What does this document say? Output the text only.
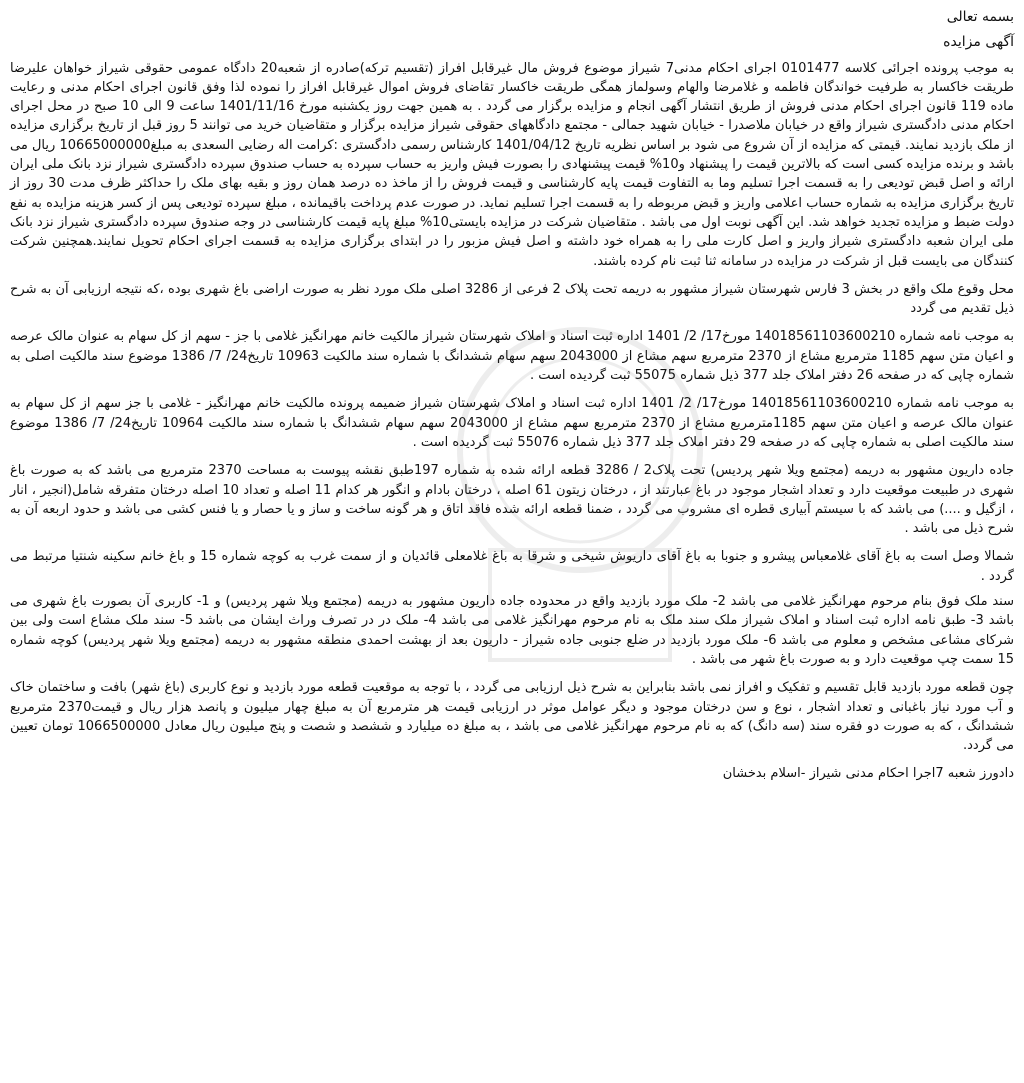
بسمه تعالی
آگهی مزایده

به موجب پرونده اجرائی کلاسه 0101477 اجرای احکام مدنی7 شیراز موضوع فروش مال غیرقابل افراز (تقسیم ترکه)صادره از شعبه20 دادگاه عمومی حقوقی شیراز خواهان علیرضا طریقت خاکسار به طرفیت خواندگان فاطمه و غلامرضا والهام وسولماز همگی طریقت خاکسار تقاضای فروش اموال غیرقابل افراز را نموده لذا وفق قانون اجرای احکام مدنی و رعایت ماده 119 قانون اجرای احکام مدنی فروش از طریق انتشار آگهی انجام و مزایده برگزار می گردد . به همین جهت روز یکشنبه مورخ 1401/11/16 ساعت 9 الی 10 صبح در محل اجرای احکام مدنی دادگستری شیراز واقع در خیابان ملاصدرا - خیابان شهید جمالی - مجتمع دادگاههای حقوقی شیراز مزایده برگزار و متقاضیان خرید می توانند 5 روز قبل از تاریخ برگزاری مزایده از ملک بازدید نمایند. قیمتی که مزایده از آن شروع می شود بر اساس نظریه تاریخ 1401/04/12 کارشناس رسمی دادگستری :کرامت اله رضایی السعدی به مبلغ10665000000 ریال می باشد و برنده مزایده کسی است که بالاترین قیمت را پیشنهاد و10% قیمت پیشنهادی را بصورت فیش واریز به حساب سپرده به حساب صندوق سپرده دادگستری شیراز نزد بانک ملی ایران ارائه و اصل قبض تودیعی را به قسمت اجرا تسلیم وما به التفاوت قیمت پایه کارشناسی و قیمت فروش را از ماخذ ده درصد همان روز و بقیه بهای ملک را حداکثر ظرف مدت 30 روز از تاریخ برگزاری مزایده به شماره حساب اعلامی واریز و قبض مربوطه را به قسمت اجرا تسلیم نماید. در صورت عدم پرداخت باقیمانده ، مبلغ سپرده تودیعی پس از کسر هزینه مزایده به نفع دولت ضبط و مزایده تجدید خواهد شد. این آگهی نوبت اول می باشد . متقاضیان شرکت در مزایده بایستی10% مبلغ پایه قیمت کارشناسی در وجه صندوق سپرده دادگستری شیراز نزد بانک ملی ایران شعبه دادگستری شیراز واریز و اصل کارت ملی را به همراه خود داشته و اصل فیش مزبور را در ابتدای برگزاری مزایده به قسمت اجرای احکام تحویل نمایند.همچنین شرکت کنندگان می بایست قبل از شرکت در مزایده در سامانه ثنا ثبت نام کرده باشند.

محل وقوع ملک واقع در بخش 3 فارس شهرستان شیراز مشهور به دریمه تحت پلاک 2 فرعی از 3286 اصلی ملک مورد نظر به صورت اراضی باغ شهری بوده ،که نتیجه ارزیابی آن به شرح ذیل تقدیم می گردد

به موجب نامه شماره 14018561103600210 مورخ17/ 2/ 1401 اداره ثبت اسناد و املاک شهرستان شیراز مالکیت خانم مهرانگیز غلامی با جز - سهم از کل سهام به عنوان مالک عرصه و اعیان متن سهم 1185 مترمربع مشاع از 2370 مترمربع سهم مشاع از 2043000 سهم سهام ششدانگ با شماره سند مالکیت 10963 تاریخ24/ 7/ 1386 موضوع سند مالکیت اصلی به شماره چاپی که در صفحه 26 دفتر املاک جلد 377 ذیل شماره 55075 ثبت گردیده است .

به موجب نامه شماره 14018561103600210 مورخ17/ 2/ 1401 اداره ثبت اسناد و املاک شهرستان شیراز ضمیمه پرونده مالکیت خانم مهرانگیز - غلامی با جز سهم از کل سهام به عنوان مالک عرصه و اعیان متن سهم 1185مترمربع مشاع از 2370 مترمربع سهم مشاع از 2043000 سهم سهام ششدانگ با شماره سند مالکیت 10964 تاریخ24/ 7/ 1386 موضوع سند مالکیت اصلی به شماره چاپی که در صفحه 29 دفتر املاک جلد 377 ذیل شماره 55076 ثبت گردیده است .

جاده داریون مشهور به دریمه (مجتمع ویلا شهر پردیس) تحت پلاک2 / 3286 قطعه ارائه شده به شماره 197طبق نقشه پیوست به مساحت 2370 مترمربع می باشد که به صورت باغ شهری در طبیعت موقعیت دارد و تعداد اشجار موجود در باغ عبارتند از ، درختان زیتون 61 اصله ، درختان بادام و انگور هر کدام 11 اصله و تعداد 10 اصله درختان متفرقه شامل(انجیر ، انار ، ازگیل و ....) می باشد که با سیستم آبیاری قطره ای مشروب می گردد ، ضمنا قطعه ارائه شده فاقد اتاق و هر گونه ساخت و ساز و یا حصار و یا فنس کشی می باشد و حدود اربعه آن به شرح ذیل می باشد .

شمالا وصل است به باغ آقای غلامعباس پیشرو و جنوبا به باغ آقای داریوش شیخی و شرقا به باغ غلامعلی قائدیان و از سمت غرب به کوچه شماره 15 و باغ خانم سکینه شنتیا مرتبط می گردد .

سند ملک فوق بنام مرحوم مهرانگیز غلامی می باشد 2- ملک مورد بازدید واقع در محدوده جاده داریون مشهور به دریمه (مجتمع ویلا شهر پردیس) و 1- کاربری آن بصورت باغ شهری می باشد 3- طبق نامه اداره ثبت اسناد و املاک شیراز ملک سند ملک به نام مرحوم مهرانگیز غلامی می باشد 4- ملک در در تصرف وراث ایشان می باشد 5- سند ملک مشاع است ولی بین شرکای مشاعی مشخص و معلوم می باشد 6- ملک مورد بازدید در ضلع جنوبی جاده شیراز - داریون بعد از بهشت احمدی منطقه مشهور به دریمه (مجتمع ویلا شهر پردیس) کوچه شماره 15 سمت چپ موقعیت دارد و به صورت باغ شهر می باشد .

چون قطعه مورد بازدید قابل تقسیم و تفکیک و افراز نمی باشد بنابراین به شرح ذیل ارزیابی می گردد ، با توجه به موقعیت قطعه مورد بازدید و نوع کاربری (باغ شهر) بافت و ساختمان خاک و آب مورد نیاز باغبانی و تعداد اشجار ، نوع و سن درختان موجود و دیگر عوامل موثر در ارزیابی قیمت هر مترمربع آن به مبلغ چهار میلیون و پانصد هزار ریال و قیمت2370 مترمربع ششدانگ ، که به صورت دو فقره سند (سه دانگ) که به نام مرحوم مهرانگیز غلامی می باشد ، به مبلغ ده میلیارد و ششصد و شصت و پنج میلیون ریال معادل 1066500000 تومان تعیین می گردد.

دادورز شعبه 7اجرا احکام مدنی شیراز -اسلام بدخشان
